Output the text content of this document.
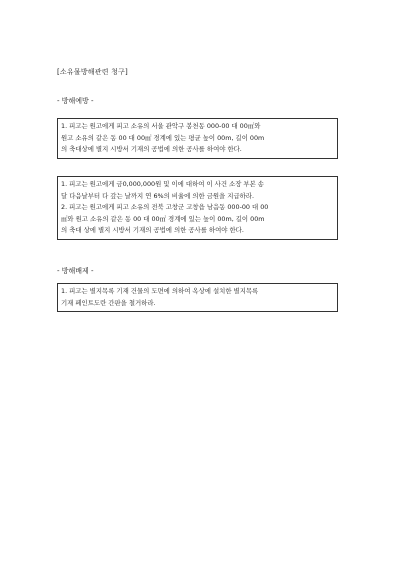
[소유물방해관련 청구]
- 방해예방 -

1. 피고는 원고에게 피고 소유의 서울 관악구 봉천동 000-00 대 00㎡와

원고 소유의 같은 동 00 대 00㎡ 경계에 있는 평균 높이 00m, 길이 00m

의 축대상에 별지 시방서 기재의 공법에 의한 공사를 하여야 한다.

1. 피고는 원고에게 금0,000,000원 및 이에 대하여 이 사건 소장 부본 송

달 다음날부터 다 갚는 날까지 연 6%의 비율에 의한 금원을 지급하라.

2. 피고는 원고에게 피고 소유의 전북 고창군 고창읍 남음동 000-00 대 00

㎡와 원고 소유의 같은 동 00 대 00㎡ 경계에 있는 높이 00m, 길이 00m

의 축대 상에 별지 시방서 기재의 공법에 의한 공사를 하여야 한다.

- 방해배제 -

1. 피고는 별지목록 기재 건물의 도면에 의하여 옥상에 설치한 별지목록

기재 페인트도란 간판을 철거하라.
